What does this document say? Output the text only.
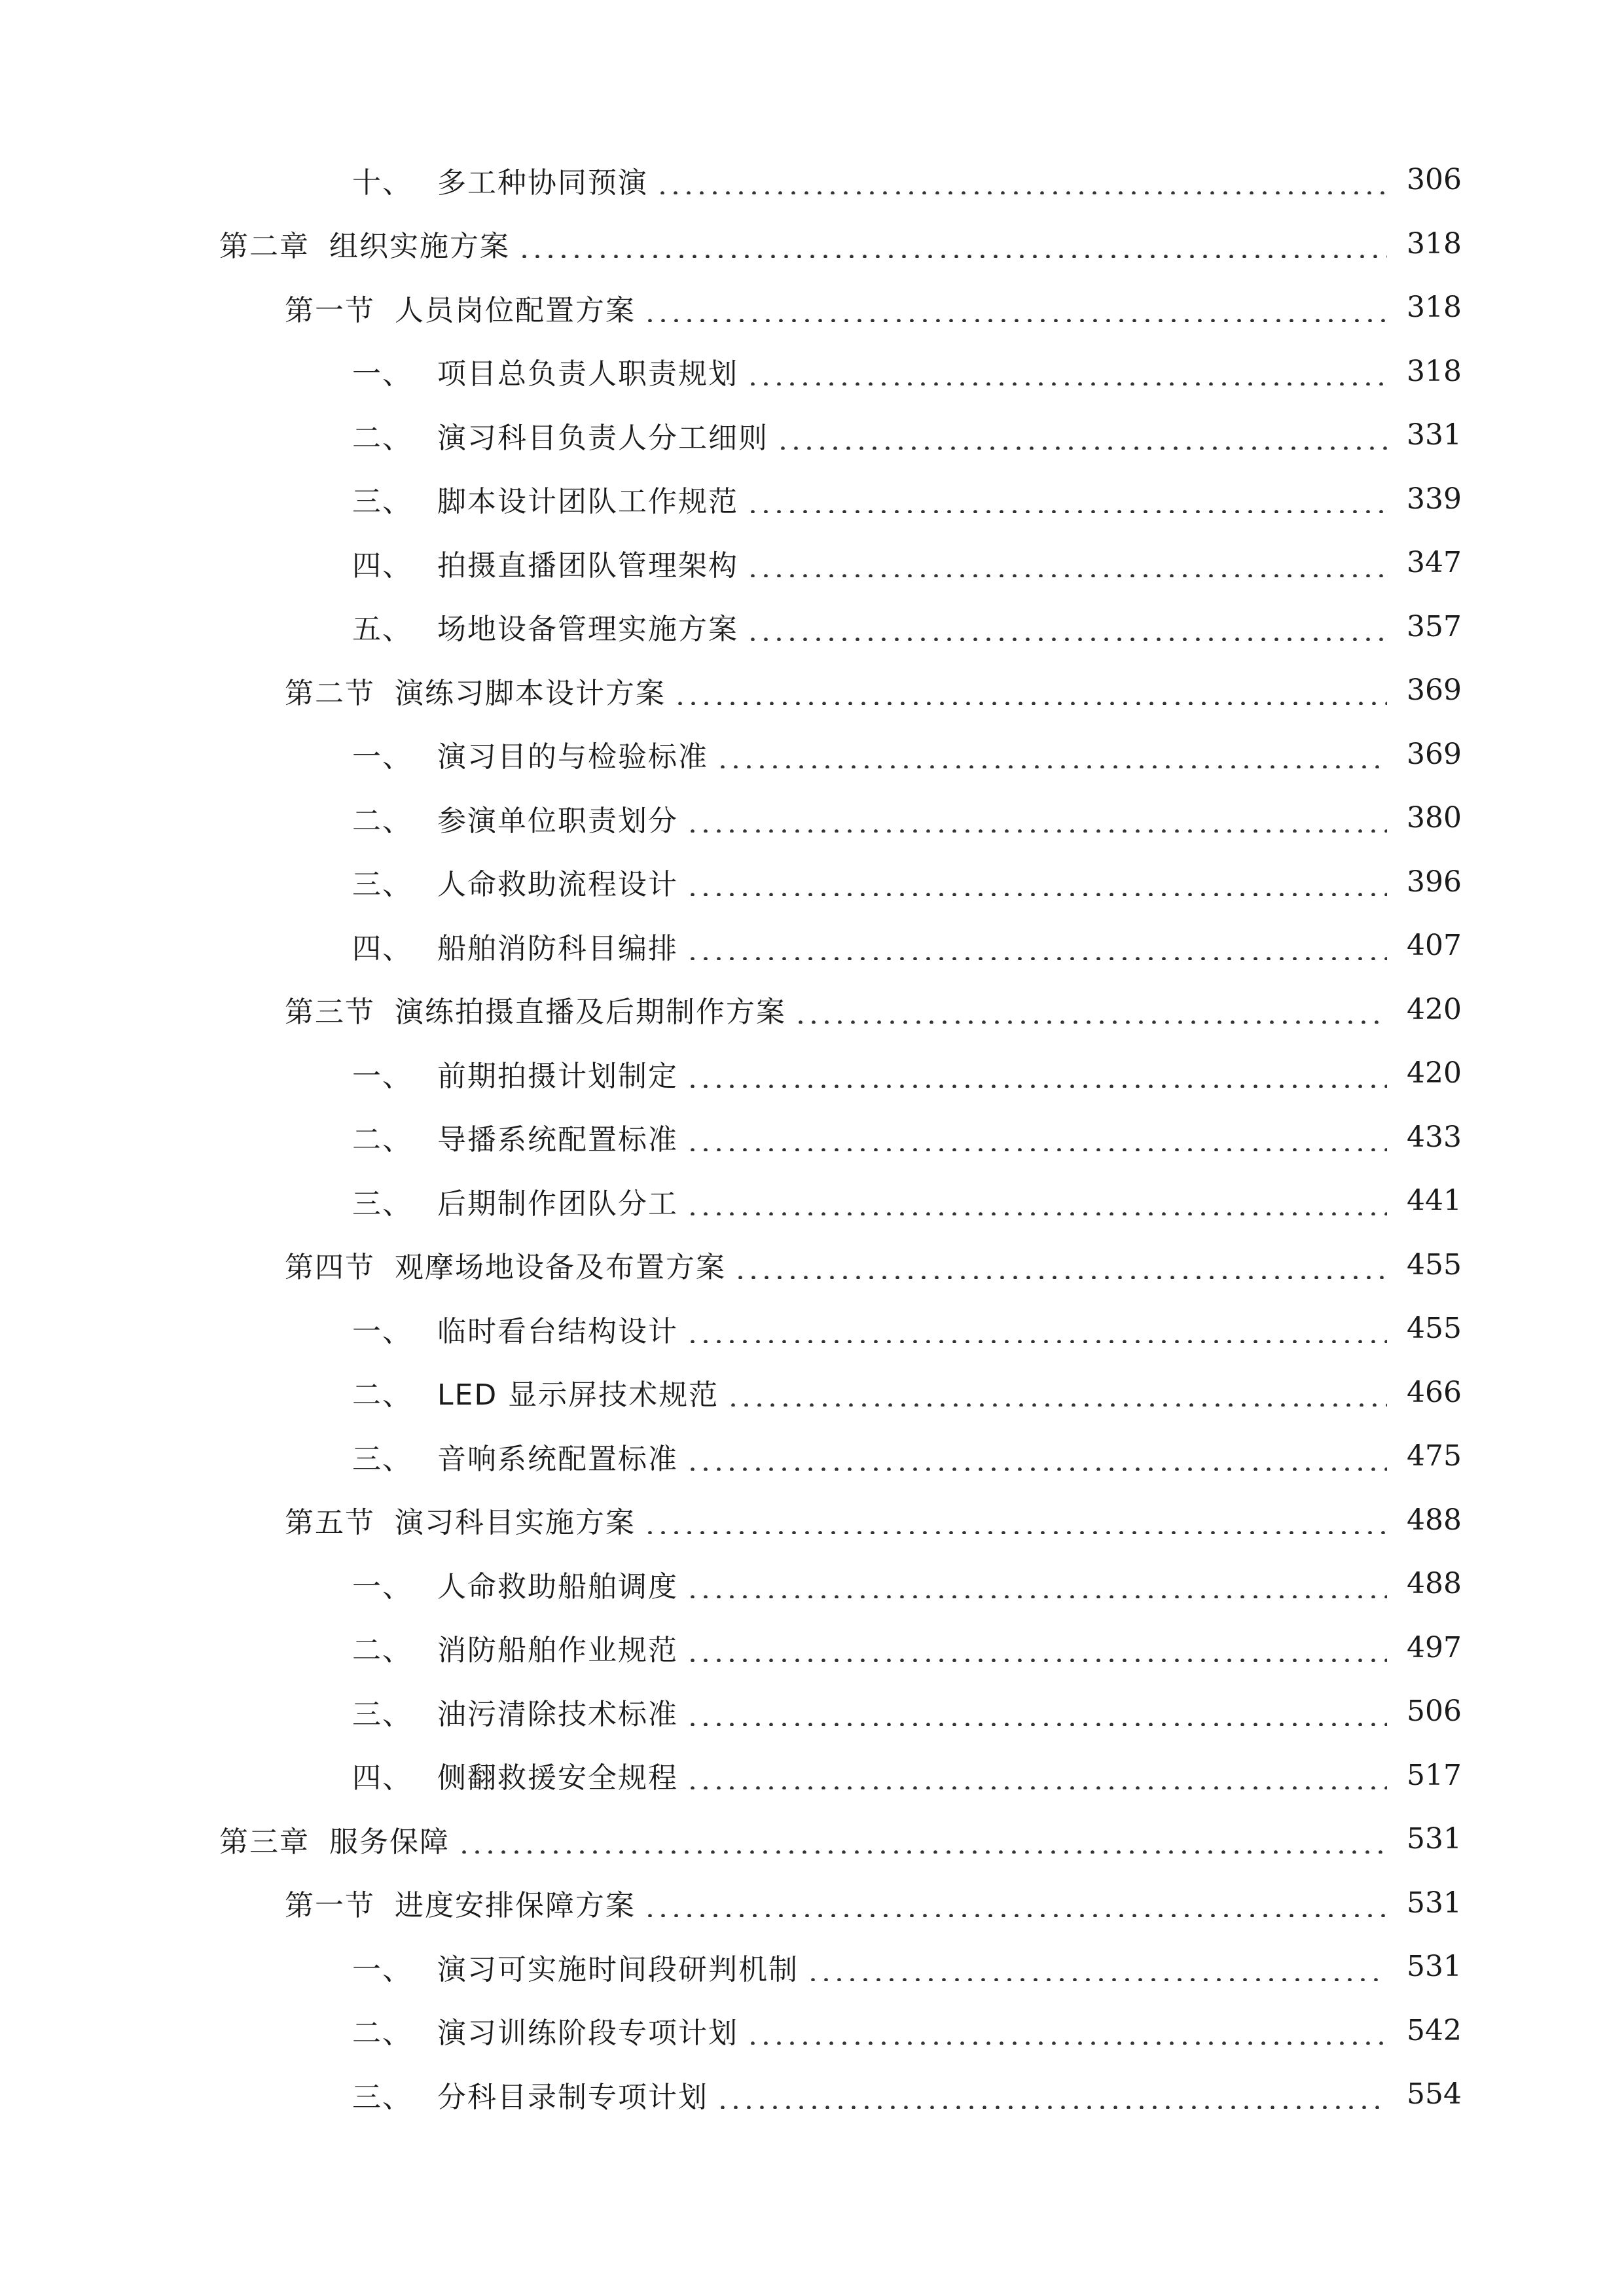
十、 多工种协同预演	306
第二章 组织实施方案	318
第一节 人员岗位配置方案	318
一、 项目总负责人职责规划	318
二、 演习科目负责人分工细则	331
三、 脚本设计团队工作规范	339
四、 拍摄直播团队管理架构	347
五、 场地设备管理实施方案	357
第二节 演练习脚本设计方案	369
一、 演习目的与检验标准	369
二、 参演单位职责划分	380
三、 人命救助流程设计	396
四、 船舶消防科目编排	407
第三节 演练拍摄直播及后期制作方案	420
一、 前期拍摄计划制定	420
二、 导播系统配置标准	433
三、 后期制作团队分工	441
第四节 观摩场地设备及布置方案	455
一、 临时看台结构设计	455
二、 LED 显示屏技术规范	466
三、 音响系统配置标准	475
第五节 演习科目实施方案	488
一、 人命救助船舶调度	488
二、 消防船舶作业规范	497
三、 油污清除技术标准	506
四、 侧翻救援安全规程	517
第三章 服务保障	531
第一节 进度安排保障方案	531
一、 演习可实施时间段研判机制	531
二、 演习训练阶段专项计划	542
三、 分科目录制专项计划	554
